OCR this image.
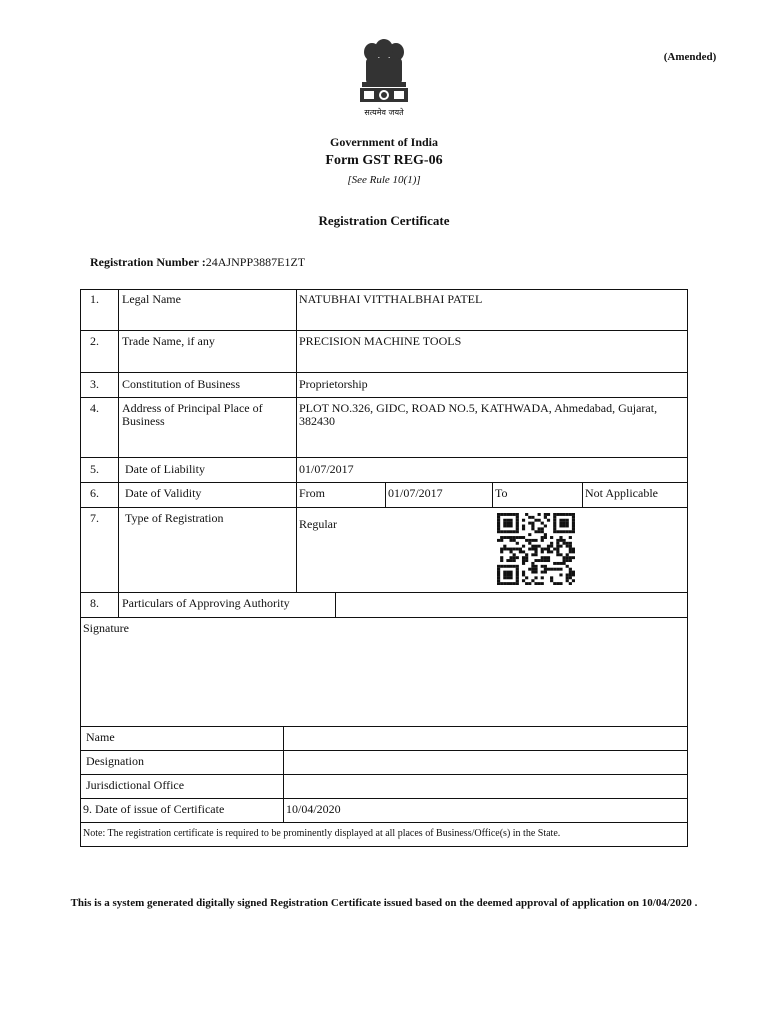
(Amended)
सत्यमेव जयते
Government of India
Form GST REG-06
[See Rule 10(1)]
Registration Certificate
Registration Number :24AJNPP3887E1ZT
1. Legal Name	NATUBHAI VITTHALBHAI PATEL
2. Trade Name, if any	PRECISION MACHINE TOOLS
3. Constitution of Business	Proprietorship
4. Address of Principal Place of Business
PLOT NO.326, GIDC, ROAD NO.5, KATHWADA, Ahmedabad, Gujarat, 382430
5. Date of Liability	01/07/2017
6. Date of Validity	From	01/07/2017	To	Not Applicable
7. Type of Registration	Regular
8. Particulars of Approving Authority
Signature
Name
Designation
Jurisdictional Office
9. Date of issue of Certificate	10/04/2020
Note: The registration certificate is required to be prominently displayed at all places of Business/Office(s) in the State.
This is a system generated digitally signed Registration Certificate issued based on the deemed approval of application on 10/04/2020 .
